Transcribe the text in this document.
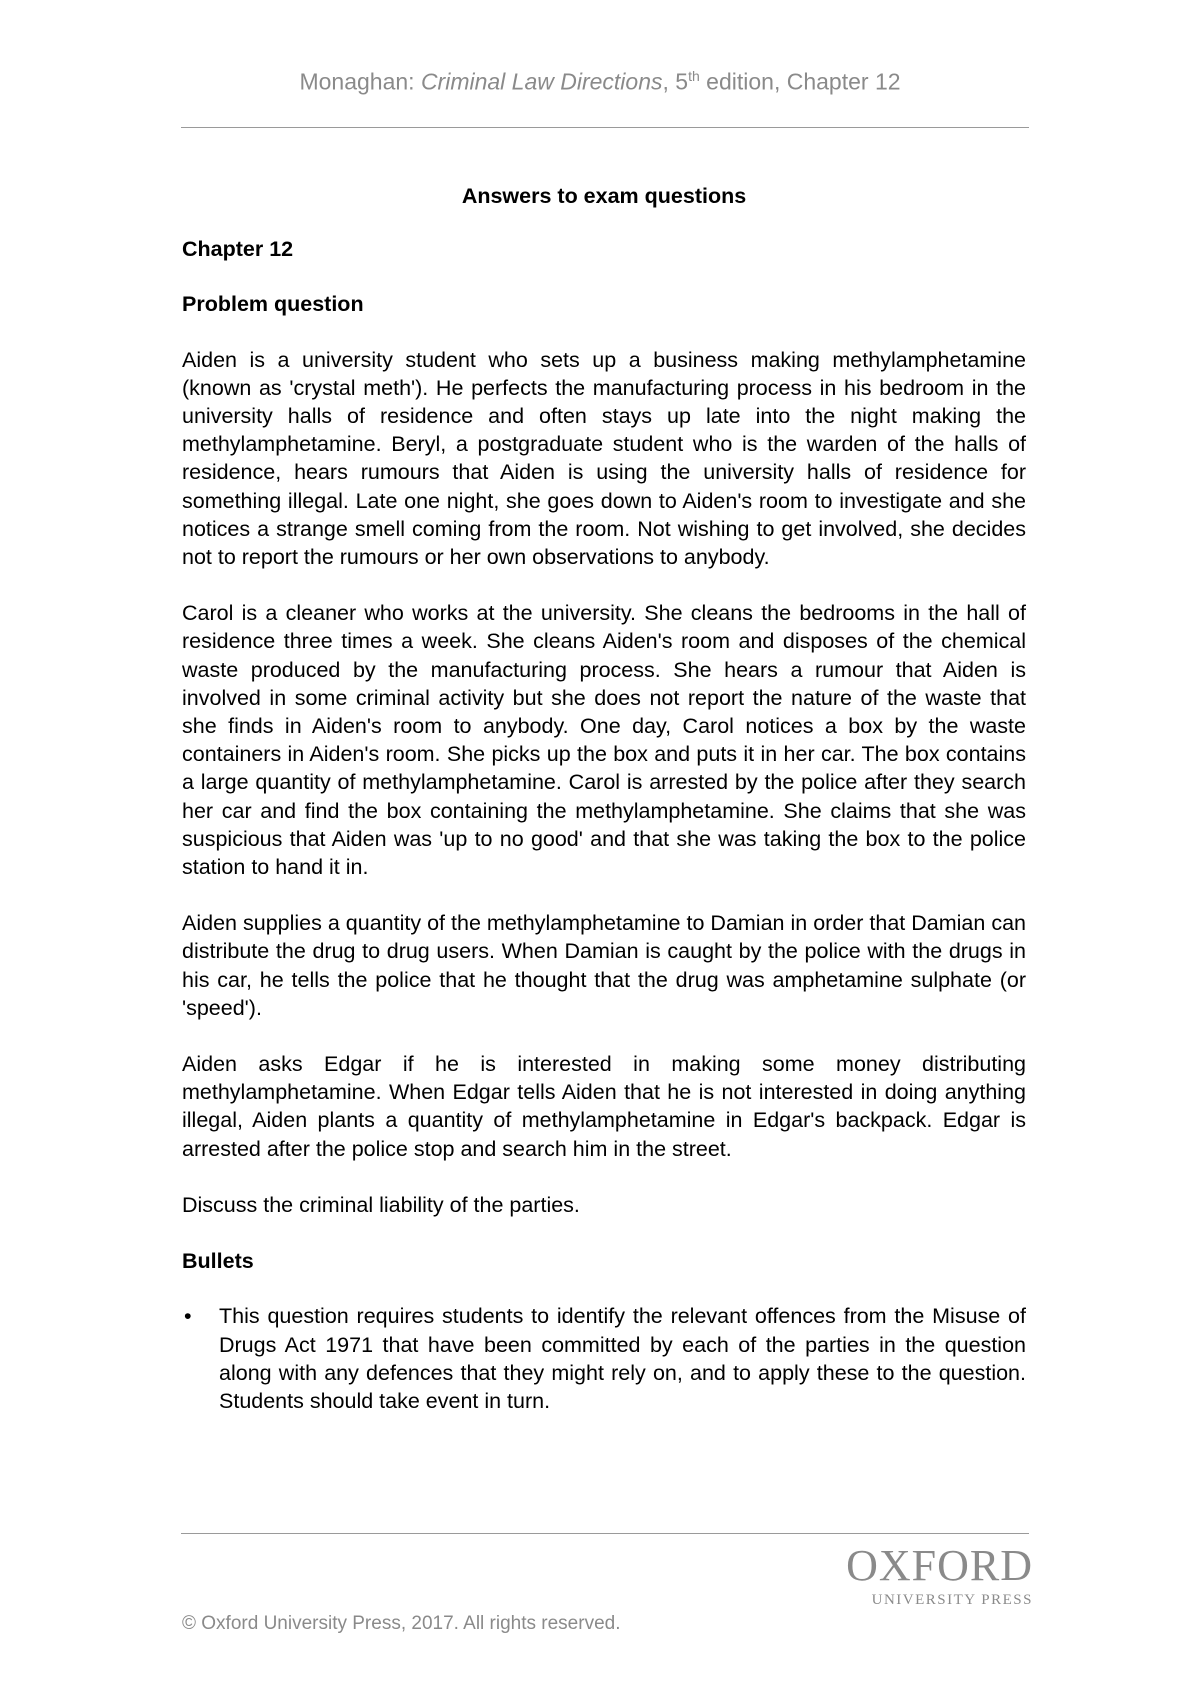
Monaghan: Criminal Law Directions, 5th edition, Chapter 12
Answers to exam questions
Chapter 12
Problem question

Aiden is a university student who sets up a business making methylamphetamine (known as 'crystal meth'). He perfects the manufacturing process in his bedroom in the university halls of residence and often stays up late into the night making the methylamphetamine. Beryl, a postgraduate student who is the warden of the halls of residence, hears rumours that Aiden is using the university halls of residence for something illegal. Late one night, she goes down to Aiden's room to investigate and she notices a strange smell coming from the room. Not wishing to get involved, she decides not to report the rumours or her own observations to anybody.

Carol is a cleaner who works at the university. She cleans the bedrooms in the hall of residence three times a week. She cleans Aiden's room and disposes of the chemical waste produced by the manufacturing process. She hears a rumour that Aiden is involved in some criminal activity but she does not report the nature of the waste that she finds in Aiden's room to anybody. One day, Carol notices a box by the waste containers in Aiden's room. She picks up the box and puts it in her car. The box contains a large quantity of methylamphetamine. Carol is arrested by the police after they search her car and find the box containing the methylamphetamine. She claims that she was suspicious that Aiden was 'up to no good' and that she was taking the box to the police station to hand it in.

Aiden supplies a quantity of the methylamphetamine to Damian in order that Damian can distribute the drug to drug users. When Damian is caught by the police with the drugs in his car, he tells the police that he thought that the drug was amphetamine sulphate (or 'speed').

Aiden asks Edgar if he is interested in making some money distributing methylamphetamine. When Edgar tells Aiden that he is not interested in doing anything illegal, Aiden plants a quantity of methylamphetamine in Edgar's backpack. Edgar is arrested after the police stop and search him in the street.

Discuss the criminal liability of the parties.

Bullets
• This question requires students to identify the relevant offences from the Misuse of Drugs Act 1971 that have been committed by each of the parties in the question along with any defences that they might rely on, and to apply these to the question. Students should take event in turn.
OXFORD
UNIVERSITY PRESS
© Oxford University Press, 2017. All rights reserved.
